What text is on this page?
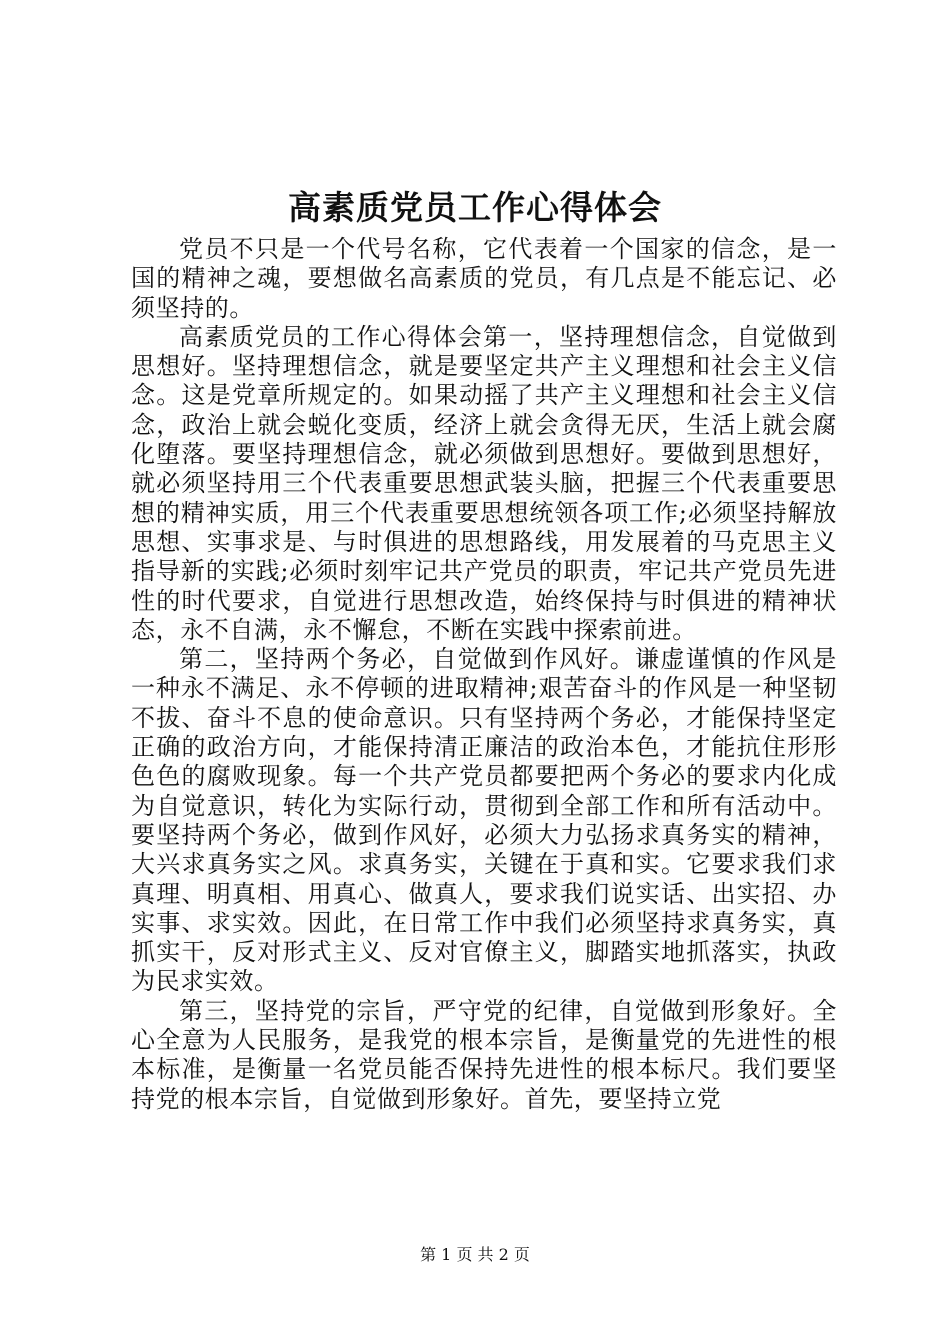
高素质党员工作心得体会

党员不只是一个代号名称，它代表着一个国家的信念，是一国的精神之魂，要想做名高素质的党员，有几点是不能忘记、必须坚持的。

高素质党员的工作心得体会第一，坚持理想信念，自觉做到思想好。坚持理想信念，就是要坚定共产主义理想和社会主义信念。这是党章所规定的。如果动摇了共产主义理想和社会主义信念，政治上就会蜕化变质，经济上就会贪得无厌，生活上就会腐化堕落。要坚持理想信念，就必须做到思想好。要做到思想好，就必须坚持用三个代表重要思想武装头脑，把握三个代表重要思想的精神实质，用三个代表重要思想统领各项工作;必须坚持解放思想、实事求是、与时俱进的思想路线，用发展着的马克思主义指导新的实践;必须时刻牢记共产党员的职责，牢记共产党员先进性的时代要求，自觉进行思想改造，始终保持与时俱进的精神状态，永不自满，永不懈怠，不断在实践中探索前进。

第二，坚持两个务必，自觉做到作风好。谦虚谨慎的作风是一种永不满足、永不停顿的进取精神;艰苦奋斗的作风是一种坚韧不拔、奋斗不息的使命意识。只有坚持两个务必，才能保持坚定正确的政治方向，才能保持清正廉洁的政治本色，才能抗住形形色色的腐败现象。每一个共产党员都要把两个务必的要求内化成为自觉意识，转化为实际行动，贯彻到全部工作和所有活动中。要坚持两个务必，做到作风好，必须大力弘扬求真务实的精神，大兴求真务实之风。求真务实，关键在于真和实。它要求我们求真理、明真相、用真心、做真人，要求我们说实话、出实招、办实事、求实效。因此，在日常工作中我们必须坚持求真务实，真抓实干，反对形式主义、反对官僚主义，脚踏实地抓落实，执政为民求实效。

第三，坚持党的宗旨，严守党的纪律，自觉做到形象好。全心全意为人民服务，是我党的根本宗旨，是衡量党的先进性的根本标准，是衡量一名党员能否保持先进性的根本标尺。我们要坚持党的根本宗旨，自觉做到形象好。首先，要坚持立党

第 1 页 共 2 页
